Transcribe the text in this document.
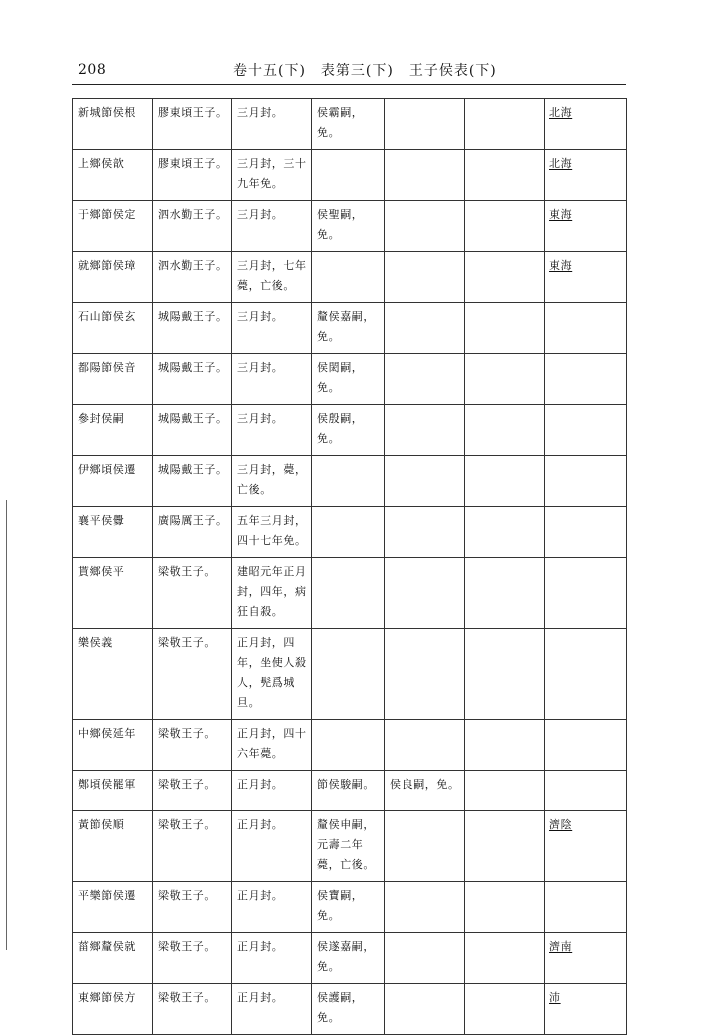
208	卷十五(下)　表第三(下)　王子侯表(下)
新城節侯根	膠東頃王子。	三月封。	侯霸嗣，免。			北海
上鄉侯歆	膠東頃王子。	三月封，三十九年免。				北海
于鄉節侯定	泗水勤王子。	三月封。	侯聖嗣，免。			東海
就鄉節侯璋	泗水勤王子。	三月封，七年薨，亡後。				東海
石山節侯玄	城陽戴王子。	三月封。	釐侯嘉嗣，免。			
都陽節侯音	城陽戴王子。	三月封。	侯閎嗣，免。			
參封侯嗣	城陽戴王子。	三月封。	侯殷嗣，免。			
伊鄉頃侯遷	城陽戴王子。	三月封，薨，亡後。				
襄平侯釁	廣陽厲王子。	五年三月封，四十七年免。				
貰鄉侯平	梁敬王子。	建昭元年正月封，四年，病狂自殺。				
樂侯義	梁敬王子。	正月封，四年，坐使人殺人，髡爲城旦。				
中鄉侯延年	梁敬王子。	正月封，四十六年薨。				
鄭頃侯罷軍	梁敬王子。	正月封。	節侯駿嗣。	侯良嗣，免。		
黃節侯順	梁敬王子。	正月封。	釐侯申嗣，元壽二年薨，亡後。			濟陰
平樂節侯遷	梁敬王子。	正月封。	侯寶嗣，免。			
菑鄉釐侯就	梁敬王子。	正月封。	侯遂嘉嗣，免。			濟南
東鄉節侯方	梁敬王子。	正月封。	侯護嗣，免。			沛
